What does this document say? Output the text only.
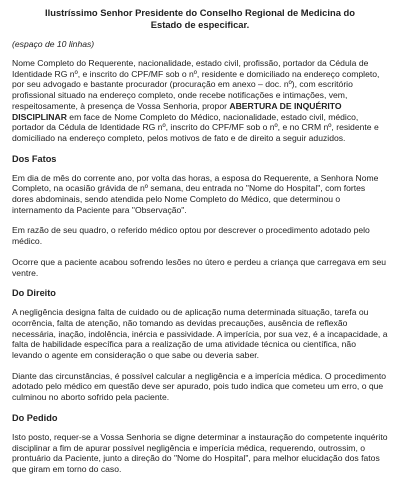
Ilustríssimo Senhor Presidente do Conselho Regional de Medicina do Estado de especificar.
(espaço de 10 linhas)

Nome Completo do Requerente, nacionalidade, estado civil, profissão, portador da Cédula de Identidade RG nº, e inscrito do CPF/MF sob o nº, residente e domiciliado na endereço completo, por seu advogado e bastante procurador (procuração em anexo – doc. nº), com escritório profissional situado na endereço completo, onde recebe notificações e intimações, vem, respeitosamente, à presença de Vossa Senhoria, propor ABERTURA DE INQUÉRITO DISCIPLINAR em face de Nome Completo do Médico, nacionalidade, estado civil, médico, portador da Cédula de Identidade RG nº, inscrito do CPF/MF sob o nº, e no CRM nº, residente e domiciliado na endereço completo, pelos motivos de fato e de direito a seguir aduzidos.

Dos Fatos

Em dia de mês do corrente ano, por volta das horas, a esposa do Requerente, a Senhora Nome Completo, na ocasião grávida de nº semana, deu entrada no "Nome do Hospital", com fortes dores abdominais, sendo atendida pelo Nome Completo do Médico, que determinou o internamento da Paciente para "Observação".

Em razão de seu quadro, o referido médico optou por descrever o procedimento adotado pelo médico.

Ocorre que a paciente acabou sofrendo lesões no útero e perdeu a criança que carregava em seu ventre.

Do Direito

A negligência designa falta de cuidado ou de aplicação numa determinada situação, tarefa ou ocorrência, falta de atenção, não tomando as devidas precauções, ausência de reflexão necessária, inação, indolência, inércia e passividade. A imperícia, por sua vez, é a incapacidade, a falta de habilidade específica para a realização de uma atividade técnica ou científica, não levando o agente em consideração o que sabe ou deveria saber.

Diante das circunstâncias, é possível calcular a negligência e a imperícia médica. O procedimento adotado pelo médico em questão deve ser apurado, pois tudo indica que cometeu um erro, o que culminou no aborto sofrido pela paciente.

Do Pedido

Isto posto, requer-se a Vossa Senhoria se digne determinar a instauração do competente inquérito disciplinar a fim de apurar possível negligência e imperícia médica, requerendo, outrossim, o prontuário da Paciente, junto a direção do "Nome do Hospital", para melhor elucidação dos fatos que giram em torno do caso.
